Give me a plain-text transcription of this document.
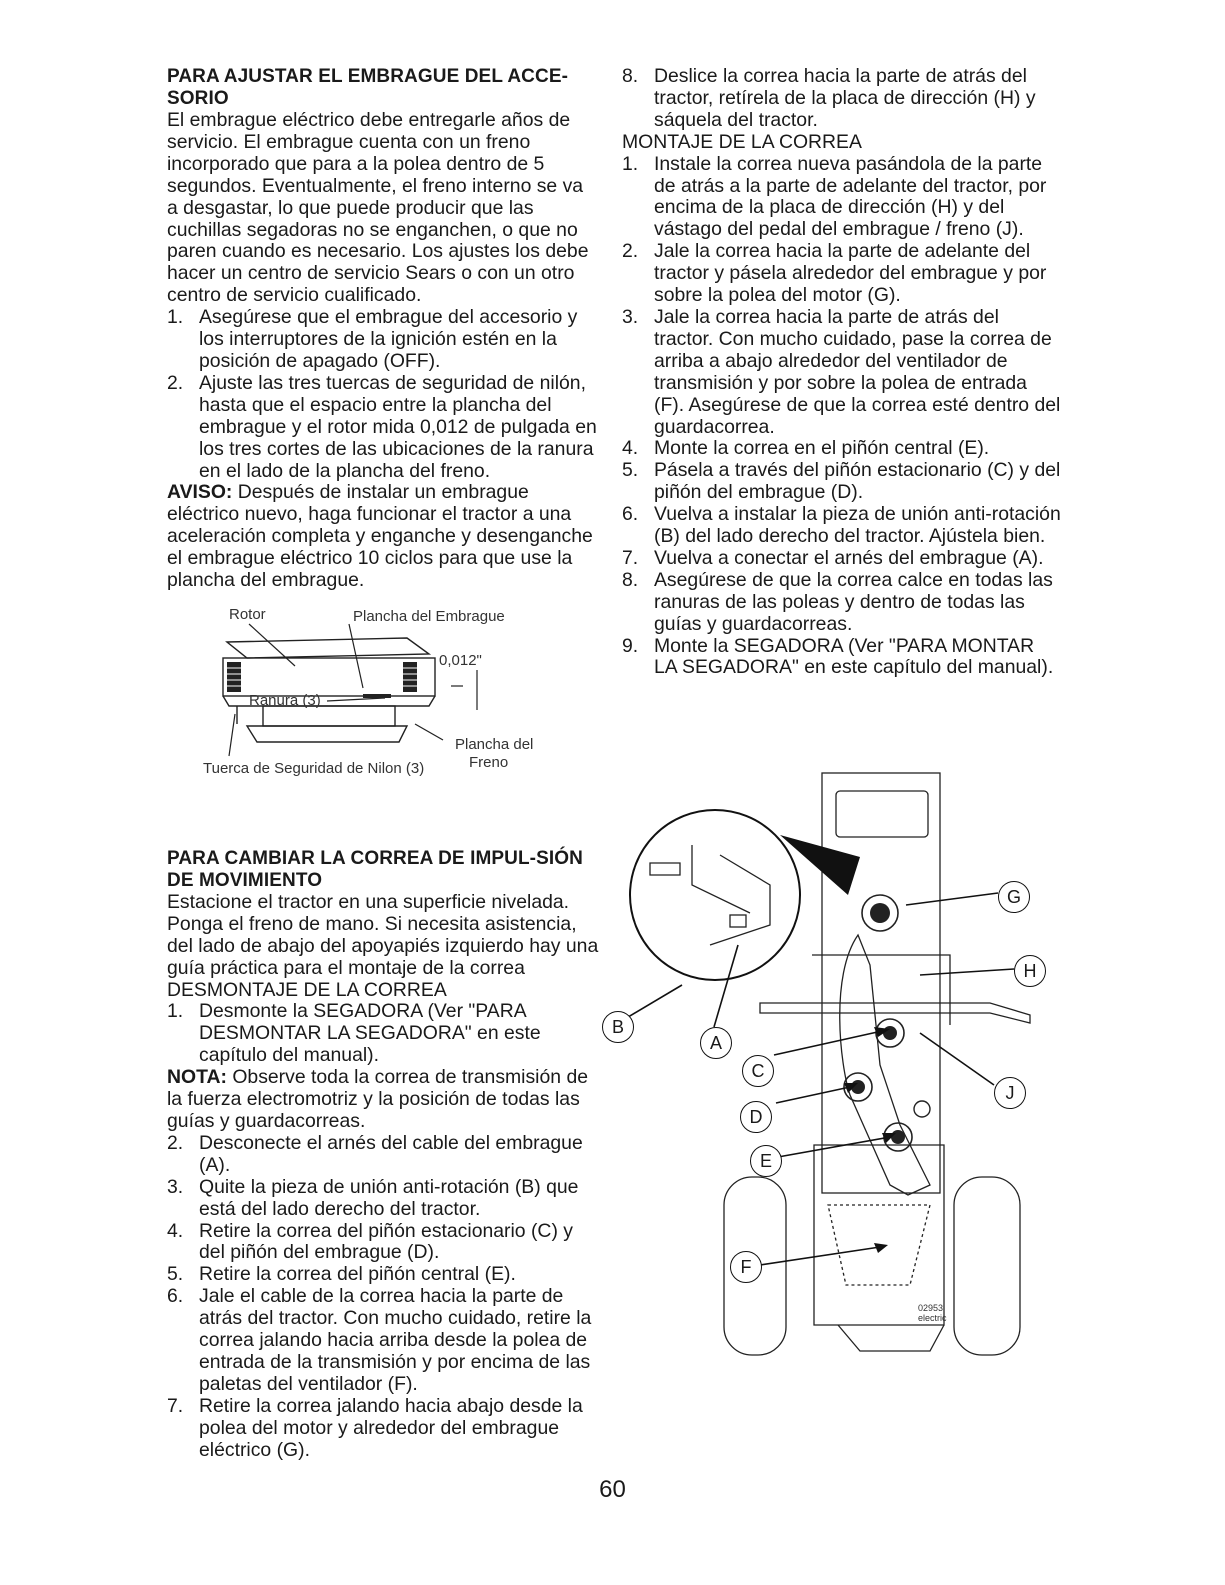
PARA AJUSTAR EL EMBRAGUE DEL ACCE-SORIO

El embrague eléctrico debe entregarle años de servicio. El embrague cuenta con un freno incorporado que para a la polea dentro de 5 segundos. Eventualmente, el freno interno se va a desgastar, lo que puede producir que las cuchillas segadoras no se enganchen, o que no paren cuando es necesario. Los ajustes los debe hacer un centro de servicio Sears o con un otro centro de servicio cualificado.

1. Asegúrese que el embrague del accesorio y los interruptores de la ignición estén en la posición de apagado (OFF).
2. Ajuste las tres tuercas de seguridad de nilón, hasta que el espacio entre la plancha del embrague y el rotor mida 0,012 de pulgada en los tres cortes de las ubicaciones de la ranura en el lado de la plancha del freno.

AVISO: Después de instalar un embrague eléctrico nuevo, haga funcionar el tractor a una aceleración completa y enganche y desenganche el embrague eléctrico 10 ciclos para que use la plancha del embrague.

Rotor	Plancha del Embrague
0,012"
Ranura (3)
Plancha del
Freno
Tuerca de Seguridad de Nilon (3)
PARA CAMBIAR LA CORREA DE IMPUL-SIÓN DE MOVIMIENTO

Estacione el tractor en una superficie nivelada. Ponga el freno de mano. Si necesita asistencia, del lado de abajo del apoyapiés izquierdo hay una guía práctica para el montaje de la correa

DESMONTAJE DE LA CORREA

1. Desmonte la SEGADORA (Ver "PARA DESMONTAR LA SEGADORA" en este capítulo del manual).

NOTA: Observe toda la correa de transmisión de la fuerza electromotriz y la posición de todas las guías y guardacorreas.

2. Desconecte el arnés del cable del embrague (A).
3. Quite la pieza de unión anti-rotación (B) que está del lado derecho del tractor.
4. Retire la correa del piñón estacionario (C) y del piñón del embrague (D).
5. Retire la correa del piñón central (E).
6. Jale el cable de la correa hacia la parte de atrás del tractor. Con mucho cuidado, retire la correa jalando hacia arriba desde la polea de entrada de la transmisión y por encima de las paletas del ventilador (F).
7. Retire la correa jalando hacia abajo desde la polea del motor y alrededor del embrague eléctrico (G).
8. Deslice la correa hacia la parte de atrás del tractor, retírela de la placa de dirección (H) y sáquela del tractor.

MONTAJE DE LA CORREA

1. Instale la correa nueva pasándola de la parte de atrás a la parte de adelante del tractor, por encima de la placa de dirección (H) y del vástago del pedal del embrague / freno (J).
2. Jale la correa hacia la parte de adelante del tractor y pásela alrededor del embrague y por sobre la polea del motor (G).
3. Jale la correa hacia la parte de atrás del tractor. Con mucho cuidado, pase la correa de arriba a abajo alrededor del ventilador de transmisión y por sobre la polea de entrada (F). Asegúrese de que la correa esté dentro del guardacorrea.
4. Monte la correa en el piñón central (E).
5. Pásela a través del piñón estacionario (C) y del piñón del embrague (D).
6. Vuelva a instalar la pieza de unión anti-rotación (B) del lado derecho del tractor. Ajústela bien.
7. Vuelva a conectar el arnés del embrague (A).
8. Asegúrese de que la correa calce en todas las ranuras de las poleas y dentro de todas las guías y guardacorreas.
9. Monte la SEGADORA (Ver "PARA MONTAR LA SEGADORA" en este capítulo del manual).
02953
electric
G
H
J
B
A
C
D
E
F
60
